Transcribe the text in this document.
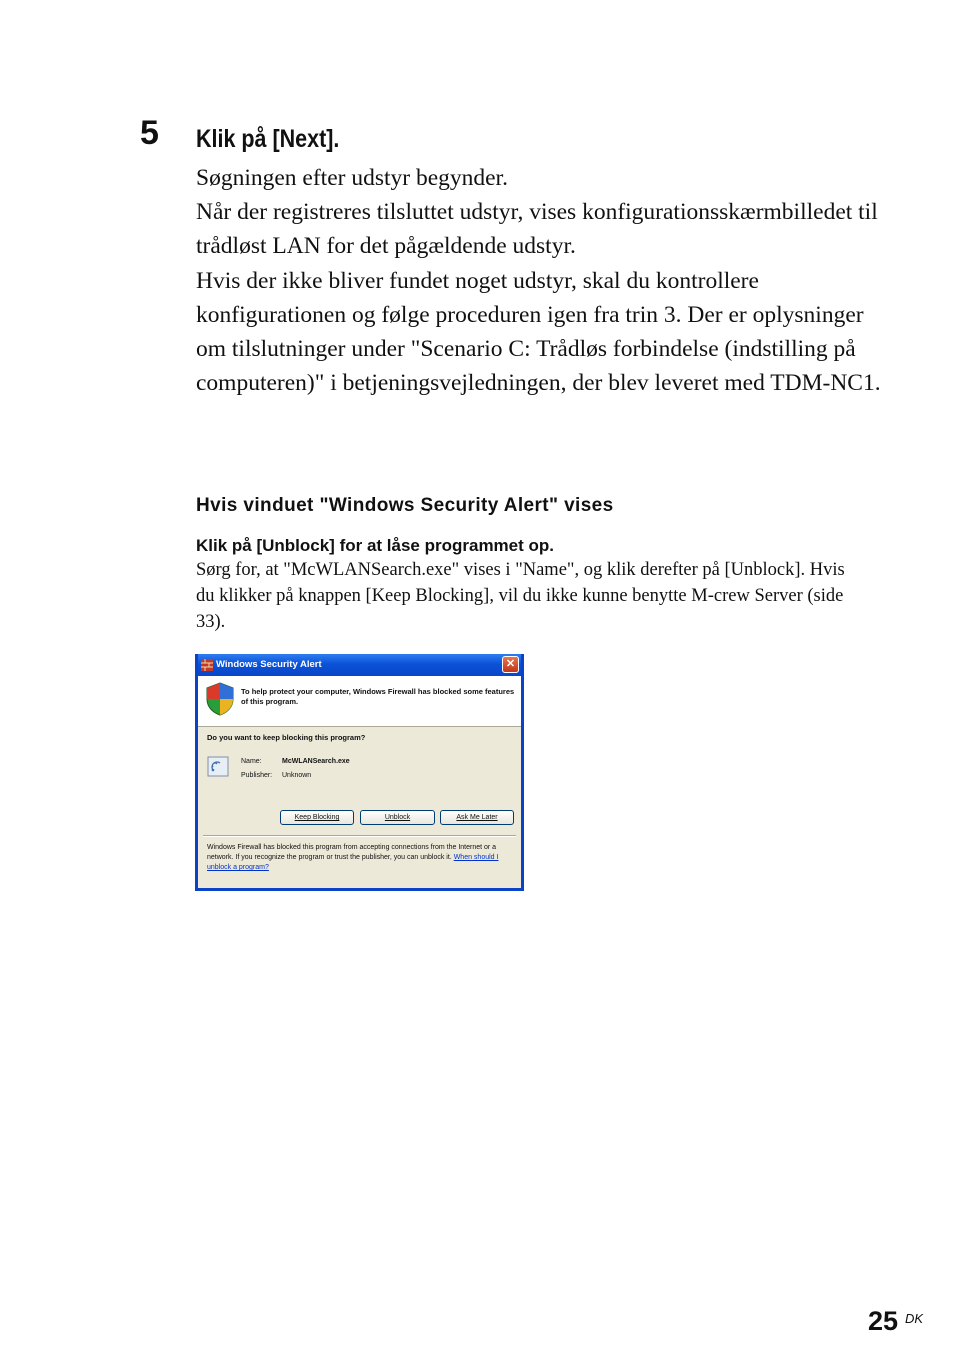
5 Klik på [Next].

Søgningen efter udstyr begynder.

Når der registreres tilsluttet udstyr, vises konfigurationsskærmbilledet til trådløst LAN for det pågældende udstyr.

Hvis der ikke bliver fundet noget udstyr, skal du kontrollere konfigurationen og følge proceduren igen fra trin 3. Der er oplysninger om tilslutninger under "Scenario C: Trådløs forbindelse (indstilling på computeren)" i betjeningsvejledningen, der blev leveret med TDM-NC1.

Hvis vinduet "Windows Security Alert" vises
Klik på [Unblock] for at låse programmet op.
Sørg for, at "McWLANSearch.exe" vises i "Name", og klik derefter på [Unblock]. Hvis du klikker på knappen [Keep Blocking], vil du ikke kunne benytte M-crew Server (side 33).
Windows Security Alert	✕
To help protect your computer, Windows Firewall has blocked some features of this program.
Do you want to keep blocking this program?
Name:	McWLANSearch.exe
Publisher: Unknown
Keep Blocking	Unblock	Ask Me Later
Windows Firewall has blocked this program from accepting connections from the Internet or a network. If you recognize the program or trust the publisher, you can unblock it. When should I unblock a program?
25 DK
